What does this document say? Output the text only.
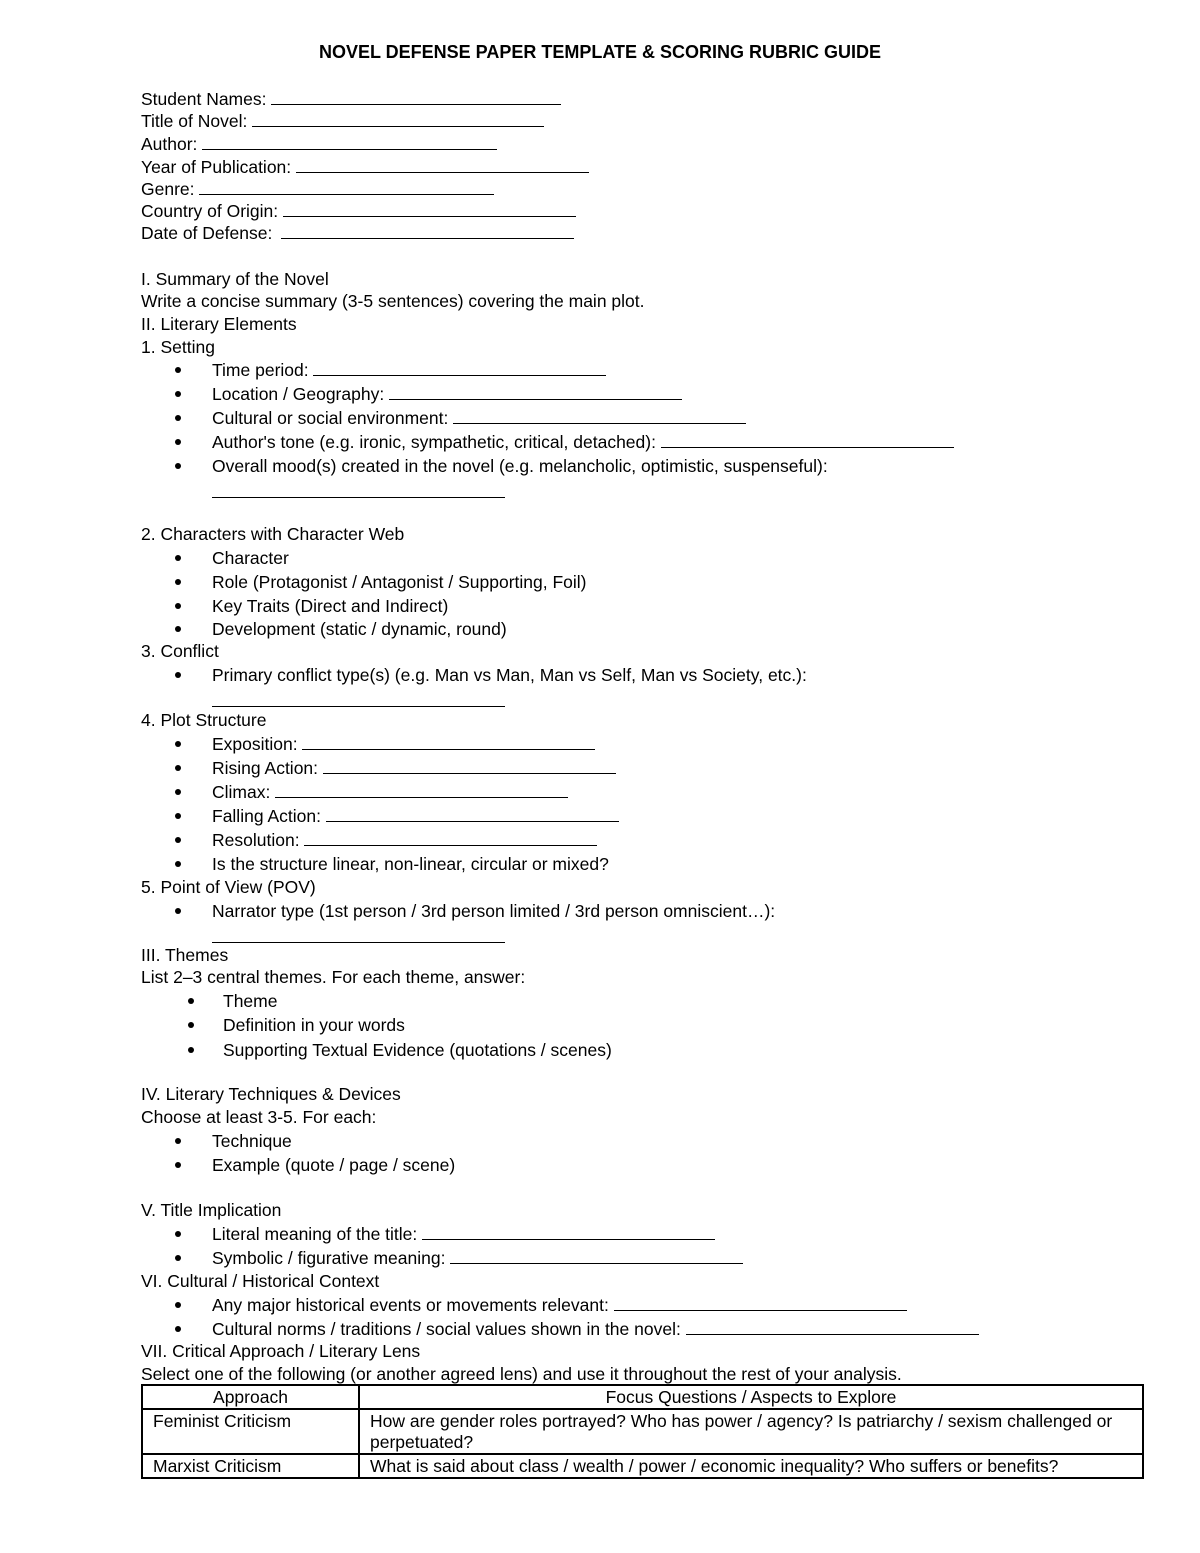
NOVEL DEFENSE PAPER TEMPLATE & SCORING RUBRIC GUIDE
Student Names:
Title of Novel:
Author:
Year of Publication:
Genre:
Country of Origin:
Date of Defense:
I. Summary of the Novel
Write a concise summary (3-5 sentences) covering the main plot.
II. Literary Elements
1. Setting
Time period:
Location / Geography:
Cultural or social environment:
Author's tone (e.g. ironic, sympathetic, critical, detached):
Overall mood(s) created in the novel (e.g. melancholic, optimistic, suspenseful):
2. Characters with Character Web
Character
Role (Protagonist / Antagonist / Supporting, Foil)
Key Traits (Direct and Indirect)
Development (static / dynamic, round)
3. Conflict
Primary conflict type(s) (e.g. Man vs Man, Man vs Self, Man vs Society, etc.):
4. Plot Structure
Exposition:
Rising Action:
Climax:
Falling Action:
Resolution:
Is the structure linear, non-linear, circular or mixed?
5. Point of View (POV)
Narrator type (1st person / 3rd person limited / 3rd person omniscient…):
III. Themes
List 2–3 central themes. For each theme, answer:
Theme
Definition in your words
Supporting Textual Evidence (quotations / scenes)
IV. Literary Techniques & Devices
Choose at least 3-5. For each:
Technique
Example (quote / page / scene)
V. Title Implication
Literal meaning of the title:
Symbolic / figurative meaning:
VI. Cultural / Historical Context
Any major historical events or movements relevant:
Cultural norms / traditions / social values shown in the novel:
VII. Critical Approach / Literary Lens
Select one of the following (or another agreed lens) and use it throughout the rest of your analysis.
Approach	Focus Questions / Aspects to Explore
Feminist Criticism	How are gender roles portrayed? Who has power / agency? Is patriarchy / sexism challenged or perpetuated?
Marxist Criticism	What is said about class / wealth / power / economic inequality? Who suffers or benefits?
